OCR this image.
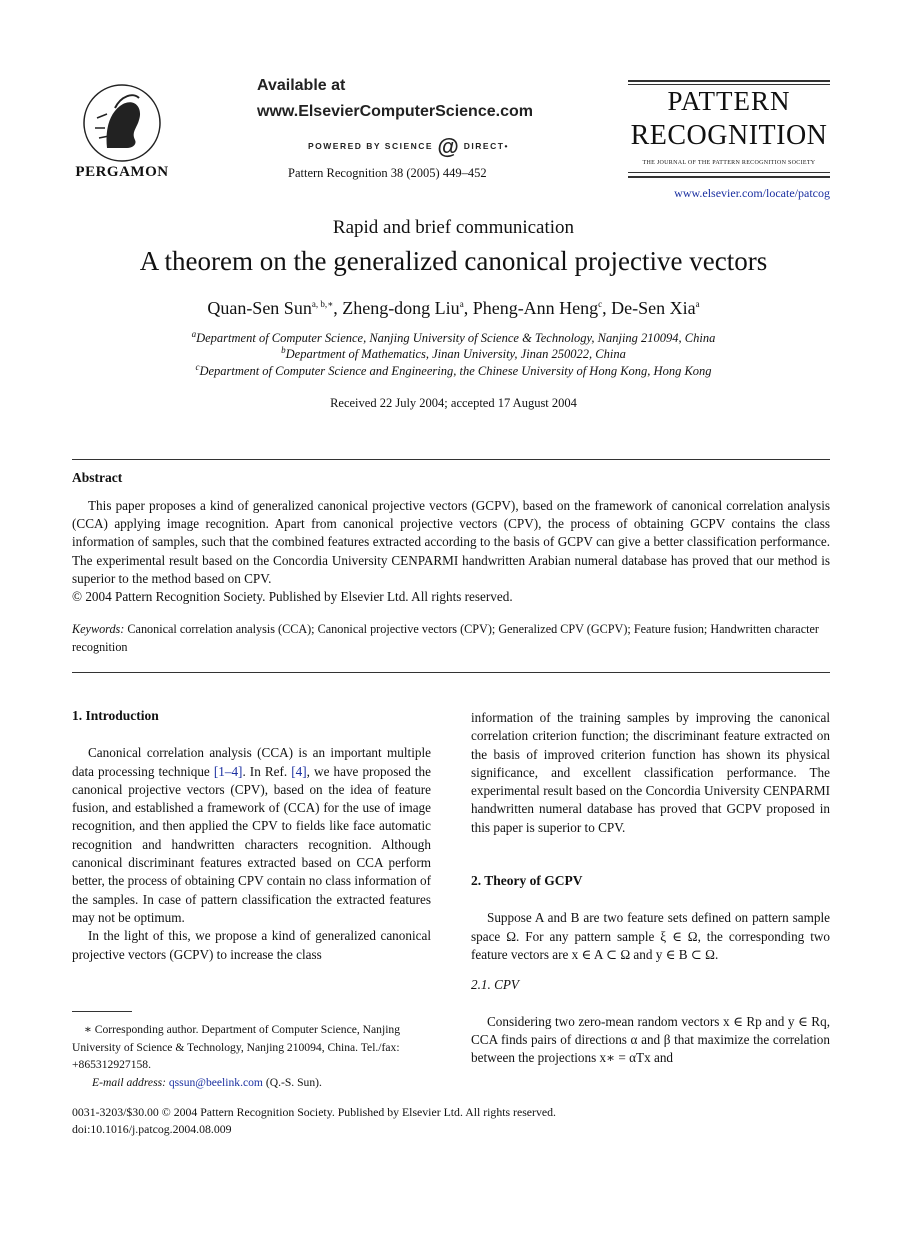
PERGAMON
Available at
www.ElsevierComputerScience.com
POWERED BY SCIENCE @ DIRECT•
Pattern Recognition 38 (2005) 449–452
PATTERN
RECOGNITION
THE JOURNAL OF THE PATTERN RECOGNITION SOCIETY
www.elsevier.com/locate/patcog
Rapid and brief communication
A theorem on the generalized canonical projective vectors
Quan-Sen Sun$^{a, b,∗}$, Zheng-dong Liu$^a$, Pheng-Ann Heng$^c$, De-Sen Xia$^a$
$^a$Department of Computer Science, Nanjing University of Science & Technology, Nanjing 210094, China
$^b$Department of Mathematics, Jinan University, Jinan 250022, China
$^c$Department of Computer Science and Engineering, the Chinese University of Hong Kong, Hong Kong
Received 22 July 2004; accepted 17 August 2004
Abstract
This paper proposes a kind of generalized canonical projective vectors (GCPV), based on the framework of canonical correlation analysis (CCA) applying image recognition. Apart from canonical projective vectors (CPV), the process of obtaining GCPV contains the class information of samples, such that the combined features extracted according to the basis of GCPV can give a better classification performance. The experimental result based on the Concordia University CENPARMI handwritten Arabian numeral database has proved that our method is superior to the method based on CPV.
© 2004 Pattern Recognition Society. Published by Elsevier Ltd. All rights reserved.
Keywords: Canonical correlation analysis (CCA); Canonical projective vectors (CPV); Generalized CPV (GCPV); Feature fusion; Handwritten character recognition
1. Introduction

Canonical correlation analysis (CCA) is an important multiple data processing technique [1–4]. In Ref. [4], we have proposed the canonical projective vectors (CPV), based on the idea of feature fusion, and established a framework of (CCA) for the use of image recognition, and then applied the CPV to fields like face automatic recognition and handwritten characters recognition. Although canonical discriminant features extracted based on CCA perform better, the process of obtaining CPV contain no class information of the samples. In case of pattern classification the extracted features may not be optimum.

In the light of this, we propose a kind of generalized canonical projective vectors (GCPV) to increase the class

∗ Corresponding author. Department of Computer Science, Nanjing University of Science & Technology, Nanjing 210094, China. Tel./fax: +865312927158.
E-mail address: qssun@beelink.com (Q.-S. Sun).

information of the training samples by improving the canonical correlation criterion function; the discriminant feature extracted on the basis of improved criterion function has shown its physical significance, and excellent classification performance. The experimental result based on the Concordia University CENPARMI handwritten numeral database has proved that GCPV proposed in this paper is superior to CPV.

2. Theory of GCPV

Suppose A and B are two feature sets defined on pattern sample space Ω. For any pattern sample ξ ∈ Ω, the corresponding two feature vectors are x ∈ A ⊂ Ω and y ∈ B ⊂ Ω.

2.1. CPV

Considering two zero-mean random vectors x ∈ Rp and y ∈ Rq, CCA finds pairs of directions α and β that maximize the correlation between the projections x∗ = αTx and

0031-3203/$30.00 © 2004 Pattern Recognition Society. Published by Elsevier Ltd. All rights reserved.
doi:10.1016/j.patcog.2004.08.009
